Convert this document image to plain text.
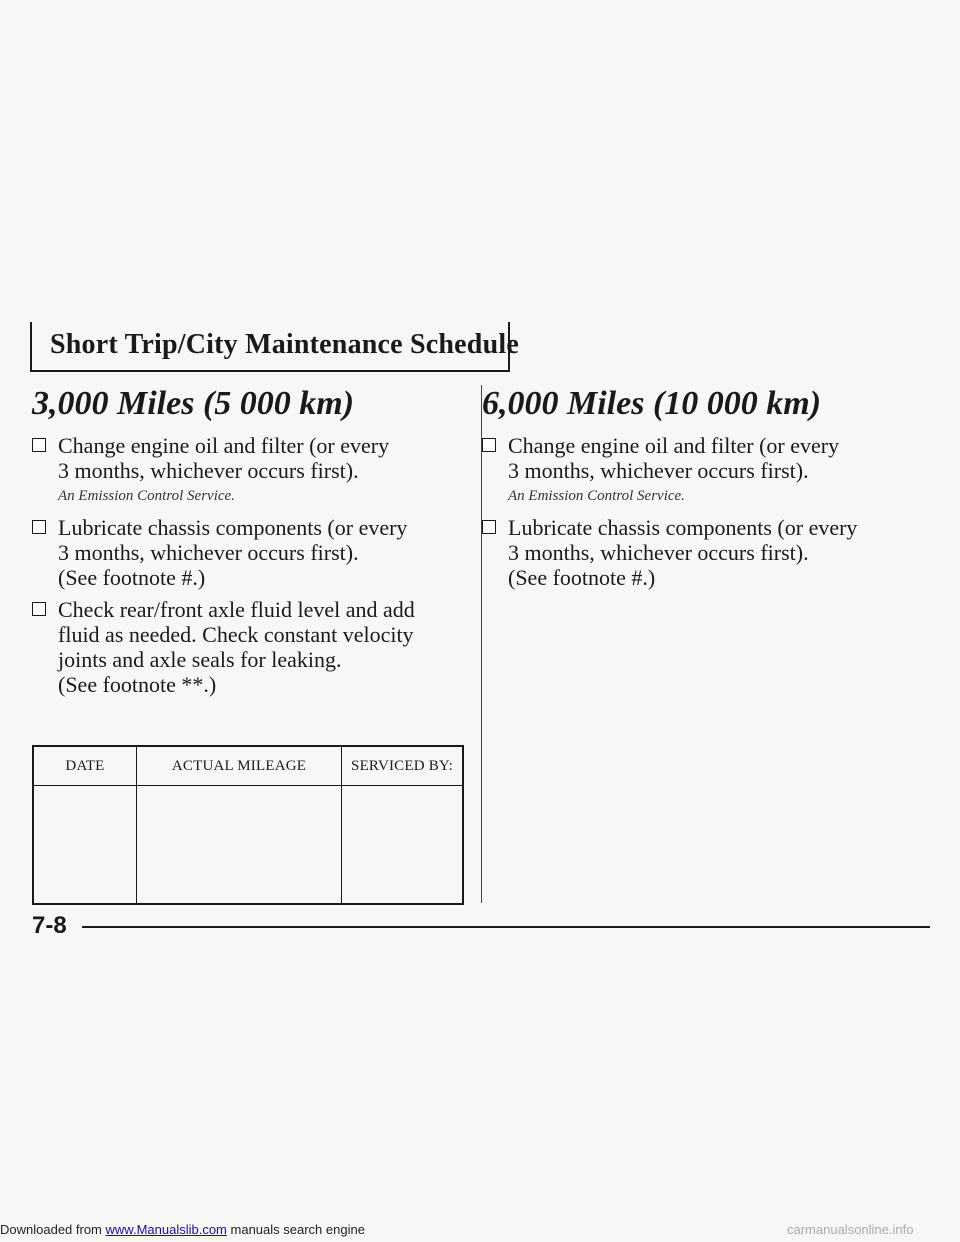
Short Trip/City Maintenance Schedule
3,000 Miles (5 000 km)
Change engine oil and filter (or every
3 months, whichever occurs first).
An Emission Control Service.
Lubricate chassis components (or every
3 months, whichever occurs first).
(See footnote #.)
Check rear/front axle fluid level and add
fluid as needed. Check constant velocity
joints and axle seals for leaking.
(See footnote **.)
DATE	ACTUAL MILEAGE	SERVICED BY:

6,000 Miles (10 000 km)
Change engine oil and filter (or every
3 months, whichever occurs first).
An Emission Control Service.
Lubricate chassis components (or every
3 months, whichever occurs first).
(See footnote #.)
7-8
Downloaded from www.Manualslib.com manuals search engine	carmanualsonline.info
